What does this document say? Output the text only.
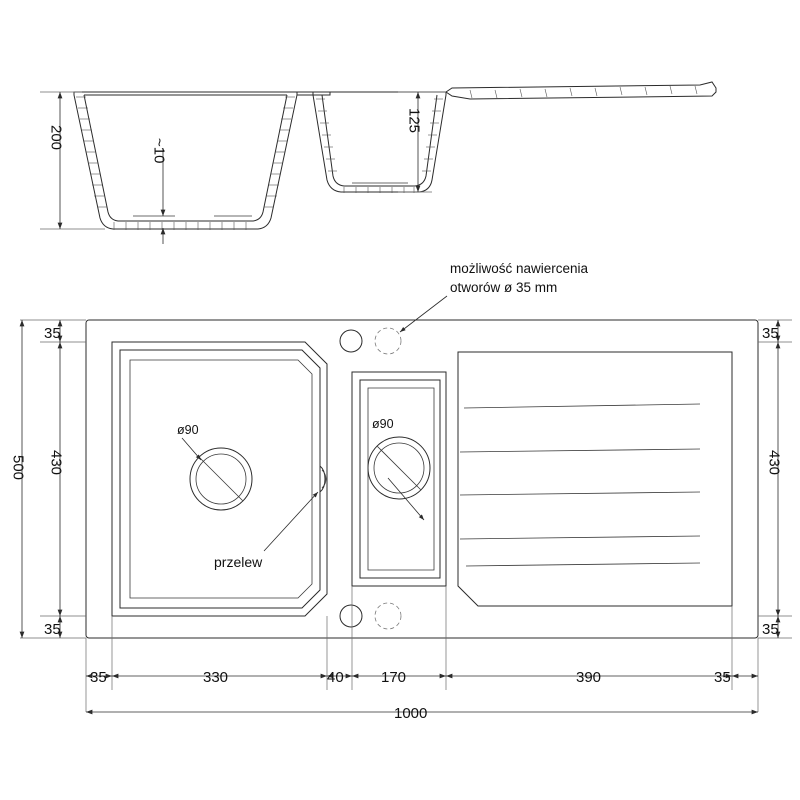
200
~10
125
ø90
przelew
ø90
możliwość nawiercenia
otworów ø 35 mm
35
430
35
500
35
430
35
35	330	40 170	390	35
1000
